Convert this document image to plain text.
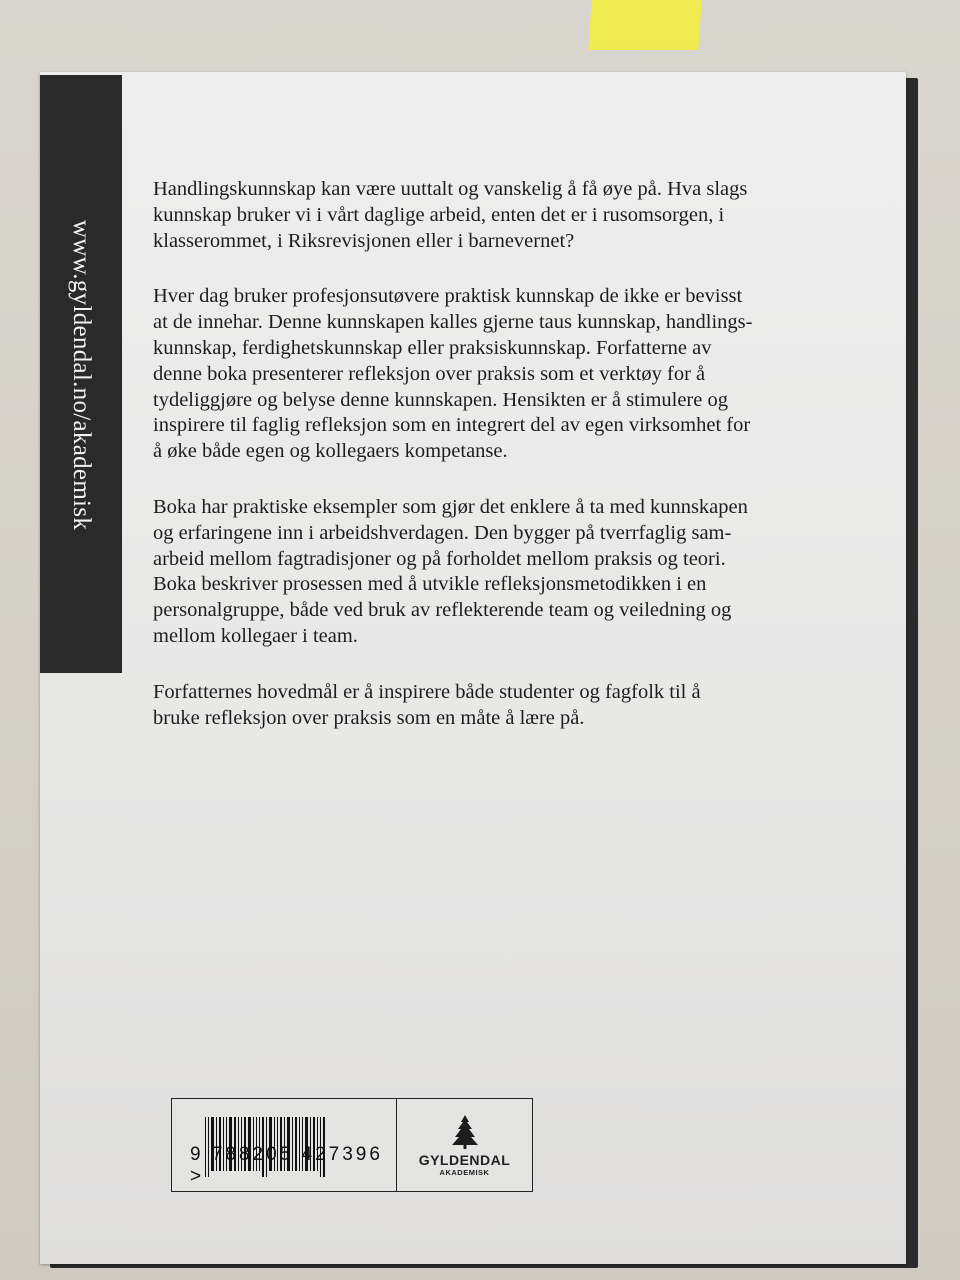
www.gyldendal.no/akademisk
Handlingskunnskap kan være uuttalt og vanskelig å få øye på. Hva slags
kunnskap bruker vi i vårt daglige arbeid, enten det er i rusomsorgen, i
klasserommet, i Riksrevisjonen eller i barnevernet?
Hver dag bruker profesjonsutøvere praktisk kunnskap de ikke er bevisst
at de innehar. Denne kunnskapen kalles gjerne taus kunnskap, handlings-
kunnskap, ferdighetskunnskap eller praksiskunnskap. Forfatterne av
denne boka presenterer refleksjon over praksis som et verktøy for å
tydeliggjøre og belyse denne kunnskapen. Hensikten er å stimulere og
inspirere til faglig refleksjon som en integrert del av egen virksomhet for
å øke både egen og kollegaers kompetanse.
Boka har praktiske eksempler som gjør det enklere å ta med kunnskapen
og erfaringene inn i arbeidshverdagen. Den bygger på tverrfaglig sam-
arbeid mellom fagtradisjoner og på forholdet mellom praksis og teori.
Boka beskriver prosessen med å utvikle refleksjonsmetodikken i en
personalgruppe, både ved bruk av reflekterende team og veiledning og
mellom kollegaer i team.
Forfatternes hovedmål er å inspirere både studenter og fagfolk til å
bruke refleksjon over praksis som en måte å lære på.
9 788205 427396 >
GYLDENDAL
AKADEMISK
